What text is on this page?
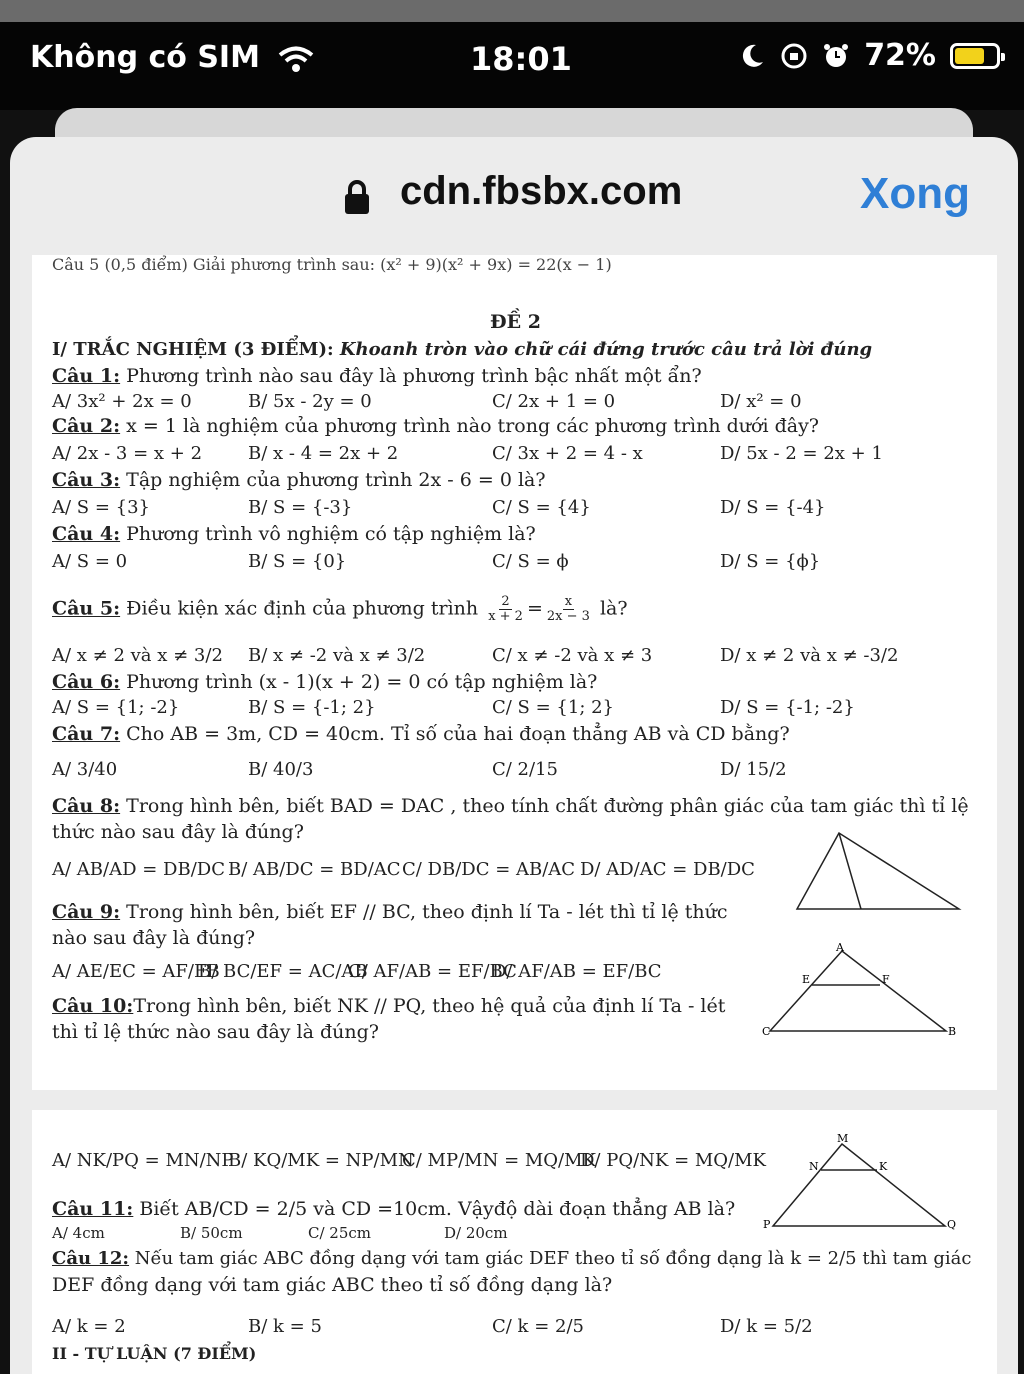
Không có SIM	18:01	72%
cdn.fbsbx.com	Xong
Câu 5 (0,5 điểm) Giải phương trình sau: (x² + 9)(x² + 9x) = 22(x − 1)
ĐỀ 2
I/ TRẮC NGHIỆM (3 ĐIỂM): Khoanh tròn vào chữ cái đứng trước câu trả lời đúng
Câu 1: Phương trình nào sau đây là phương trình bậc nhất một ẩn?
A/ 3x² + 2x = 0	B/ 5x - 2y = 0	C/ 2x + 1 = 0	D/ x² = 0
Câu 2: x = 1 là nghiệm của phương trình nào trong các phương trình dưới đây?
A/ 2x - 3 = x + 2	B/ x - 4 = 2x + 2	C/ 3x + 2 = 4 - x	D/ 5x - 2 = 2x + 1
Câu 3: Tập nghiệm của phương trình 2x - 6 = 0 là?
A/ S = {3}	B/ S = {-3}	C/ S = {4}	D/ S = {-4}
Câu 4: Phương trình vô nghiệm có tập nghiệm là?
A/ S = 0	B/ S = {0}	C/ S = ϕ	D/ S = {ϕ}
Câu 5: Điều kiện xác định của phương trình $\frac{2}{x + 2} = \frac{x}{2x - 3}$ là?
A/ x ≠ 2 và x ≠ 3/2 B/ x ≠ -2 và x ≠ 3/2	C/ x ≠ -2 và x ≠ 3	D/ x ≠ 2 và x ≠ -3/2
Câu 6: Phương trình (x - 1)(x + 2) = 0 có tập nghiệm là?
A/ S = {1; -2}	B/ S = {-1; 2}	C/ S = {1; 2}	D/ S = {-1; -2}
Câu 7: Cho AB = 3m, CD = 40cm. Tỉ số của hai đoạn thẳng AB và CD bằng?
A/ 3/40	B/ 40/3	C/ 2/15	D/ 15/2
Câu 8: Trong hình bên, biết BAD = DAC , theo tính chất đường phân giác của tam giác thì tỉ lệ
thức nào sau đây là đúng?
A/ AB/AD = DB/DC B/ AB/DC = BD/AC C/ DB/DC = AB/AC D/ AD/AC = DB/DC
Câu 9: Trong hình bên, biết EF // BC, theo định lí Ta - lét thì tỉ lệ thức
nào sau đây là đúng?
A/ AE/EC = AF/FB
B/ BC/EF = AC/AB
C/ AF/AB = EF/BC
D/ AF/AB = EF/BC
A
E	F
C	B
Câu 10:Trong hình bên, biết NK // PQ, theo hệ quả của định lí Ta - lét
thì tỉ lệ thức nào sau đây là đúng?
A/ NK/PQ = MN/NP
B/ KQ/MK = NP/MN
C/ MP/MN = MQ/MK
D/ PQ/NK = MQ/MK
M
N	K
P	Q
Câu 11: Biết AB/CD = 2/5 và CD =10cm. Vậyđộ dài đoạn thẳng AB là?
A/ 4cm	B/ 50cm	C/ 25cm	D/ 20cm
Câu 12: Nếu tam giác ABC đồng dạng với tam giác DEF theo tỉ số đồng dạng là k = 2/5 thì tam giác
DEF đồng dạng với tam giác ABC theo tỉ số đồng dạng là?
A/ k = 2	B/ k = 5	C/ k = 2/5	D/ k = 5/2
II - TỰ LUẬN (7 ĐIỂM)
